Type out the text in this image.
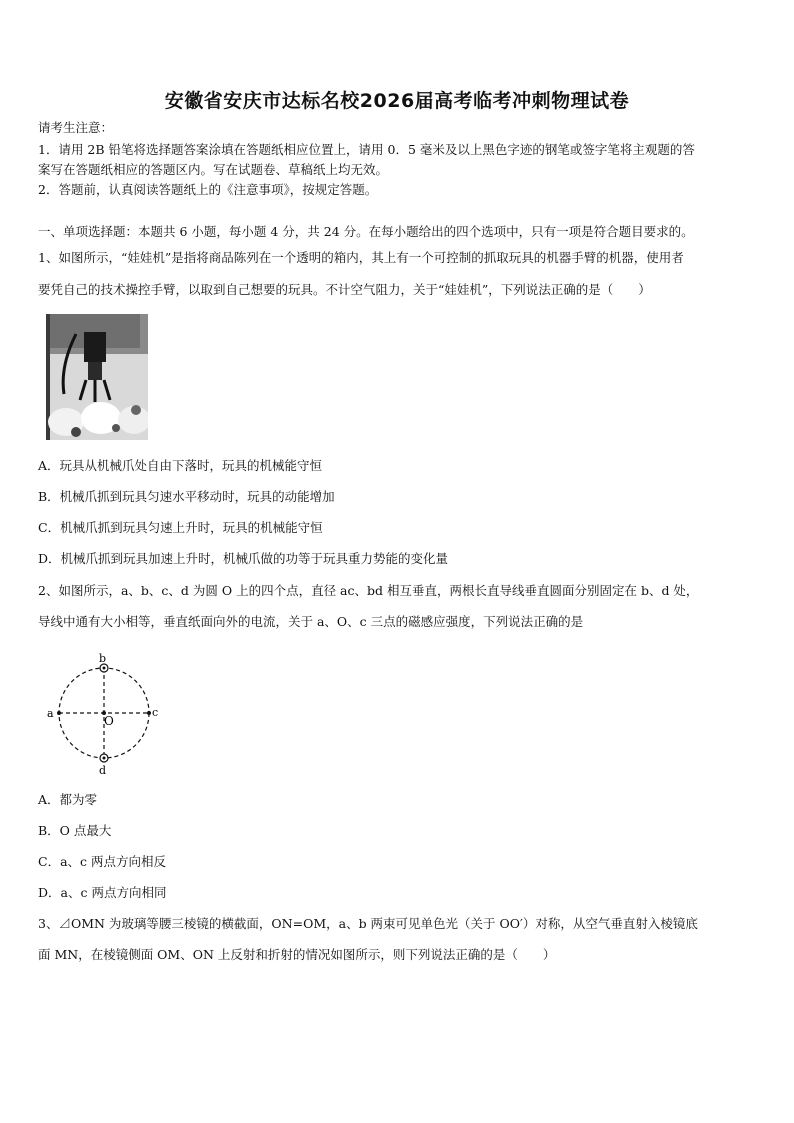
安徽省安庆市达标名校2026届高考临考冲刺物理试卷
请考生注意：
1．请用 2B 铅笔将选择题答案涂填在答题纸相应位置上，请用 0．5 毫米及以上黑色字迹的钢笔或签字笔将主观题的答
案写在答题纸相应的答题区内。写在试题卷、草稿纸上均无效。
2．答题前，认真阅读答题纸上的《注意事项》，按规定答题。
一、单项选择题：本题共 6 小题，每小题 4 分，共 24 分。在每小题给出的四个选项中，只有一项是符合题目要求的。
1、如图所示，“娃娃机”是指将商品陈列在一个透明的箱内，其上有一个可控制的抓取玩具的机器手臂的机器，使用者
要凭自己的技术操控手臂，以取到自己想要的玩具。不计空气阻力，关于“娃娃机”，下列说法正确的是（　　）
A．玩具从机械爪处自由下落时，玩具的机械能守恒
B．机械爪抓到玩具匀速水平移动时，玩具的动能增加
C．机械爪抓到玩具匀速上升时，玩具的机械能守恒
D．机械爪抓到玩具加速上升时，机械爪做的功等于玩具重力势能的变化量
2、如图所示，a、b、c、d 为圆 O 上的四个点，直径 ac、bd 相互垂直，两根长直导线垂直圆面分别固定在 b、d 处，
导线中通有大小相等，垂直纸面向外的电流，关于 a、O、c 三点的磁感应强度，下列说法正确的是
b
d
a	c
O
A．都为零
B．O 点最大
C．a、c 两点方向相反
D．a、c 两点方向相同
3、⊿OMN 为玻璃等腰三棱镜的横截面，ON=OM，a、b 两束可见单色光（关于 OO′）对称，从空气垂直射入棱镜底
面 MN，在棱镜侧面 OM、ON 上反射和折射的情况如图所示，则下列说法正确的是（　　）
